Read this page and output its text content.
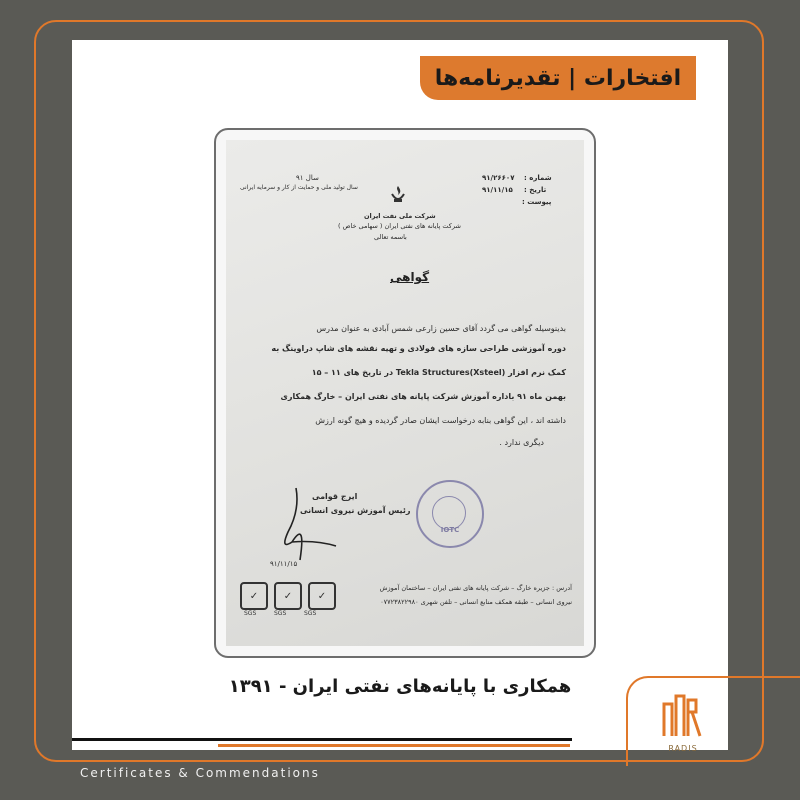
افتخارات | تقدیرنامه‌ها
سال ۹۱
سال تولید ملی و حمایت از کار و سرمایه ایرانی
شماره :
۹۱/۲۶۶۰۷
تاریخ :
۹۱/۱۱/۱۵
پیوست :
شرکت ملی نفت ایران
شرکت پایانه های نفتی ایران ( سهامی خاص )
باسمه تعالی
گواهی
بدینوسیله گواهی می گردد آقای حسین زارعی شمس آبادی به عنوان مدرس
دوره آموزشی طراحی سازه های فولادی و تهیه نقشه های شاپ دراوینگ به
کمک نرم افزار Tekla Structures(Xsteel) در تاریخ های ۱۱ – ۱۵
بهمن ماه ۹۱ باداره آموزش شرکت پایانه های نفتی ایران – خارگ همکاری
داشته اند ، این گواهی بنابه درخواست ایشان صادر گردیده و هیچ گونه ارزش
دیگری ندارد .
ایرج قوامی
رئیس آموزش نیروی انسانی
۹۱/۱۱/۱۵
IOTC
آدرس : جزیره خارگ – شرکت پایانه های نفتی ایران – ساختمان آموزش
نیروی انسانی – طبقه همکف منابع انسانی – تلفن شهری ۰۷۷۲۳۸۲۲۹۸۰
✓	✓	✓
SGS	SGS	SGS
همکاری با پایانه‌های نفتی ایران - ۱۳۹۱
RADIS
Certificates & Commendations
